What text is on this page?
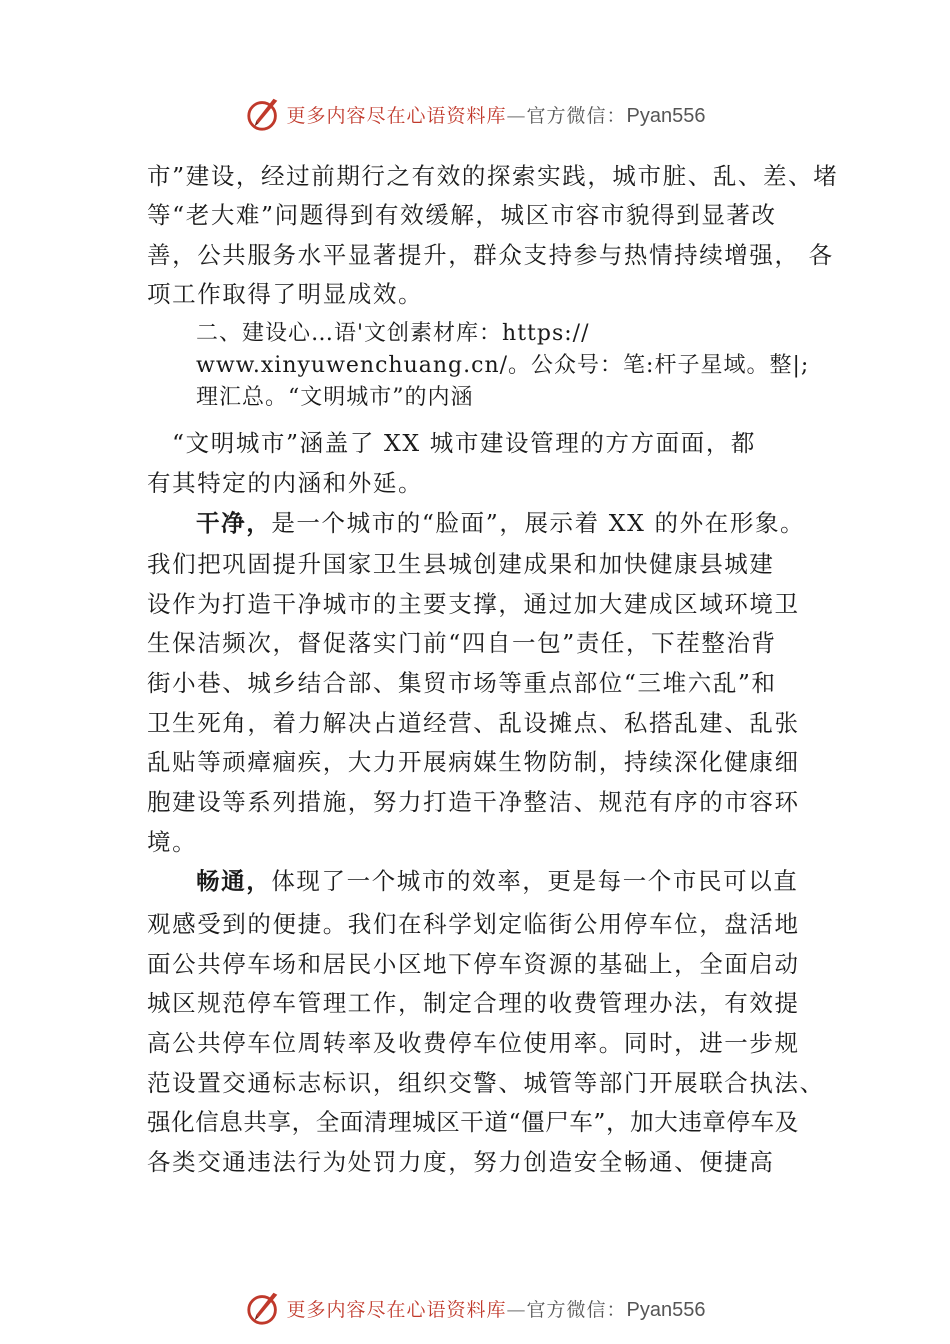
更多内容尽在心语资料库—官方微信：Pyan556
市”建设，经过前期行之有效的探索实践，城市脏、乱、差、堵
等“老大难”问题得到有效缓解，城区市容市貌得到显著改
善，公共服务水平显著提升，群众支持参与热情持续增强， 各
项工作取得了明显成效。
二、建设心…语'文创素材库：https://
www.xinyuwenchuang.cn/。公众号：笔:杆子星域。整|;
理汇总。“文明城市”的内涵
“文明城市”涵盖了 XX 城市建设管理的方方面面，都
有其特定的内涵和外延。
干净，是一个城市的“脸面”，展示着 XX 的外在形象。
我们把巩固提升国家卫生县城创建成果和加快健康县城建
设作为打造干净城市的主要支撑，通过加大建成区域环境卫
生保洁频次，督促落实门前“四自一包”责任，下茬整治背
街小巷、城乡结合部、集贸市场等重点部位“三堆六乱”和
卫生死角，着力解决占道经营、乱设摊点、私搭乱建、乱张
乱贴等顽瘴痼疾，大力开展病媒生物防制，持续深化健康细
胞建设等系列措施，努力打造干净整洁、规范有序的市容环
境。
畅通，体现了一个城市的效率，更是每一个市民可以直
观感受到的便捷。我们在科学划定临街公用停车位，盘活地
面公共停车场和居民小区地下停车资源的基础上，全面启动
城区规范停车管理工作，制定合理的收费管理办法，有效提
高公共停车位周转率及收费停车位使用率。同时，进一步规
范设置交通标志标识，组织交警、城管等部门开展联合执法、
强化信息共享，全面清理城区干道“僵尸车”，加大违章停车及
各类交通违法行为处罚力度，努力创造安全畅通、便捷高
更多内容尽在心语资料库—官方微信：Pyan556
